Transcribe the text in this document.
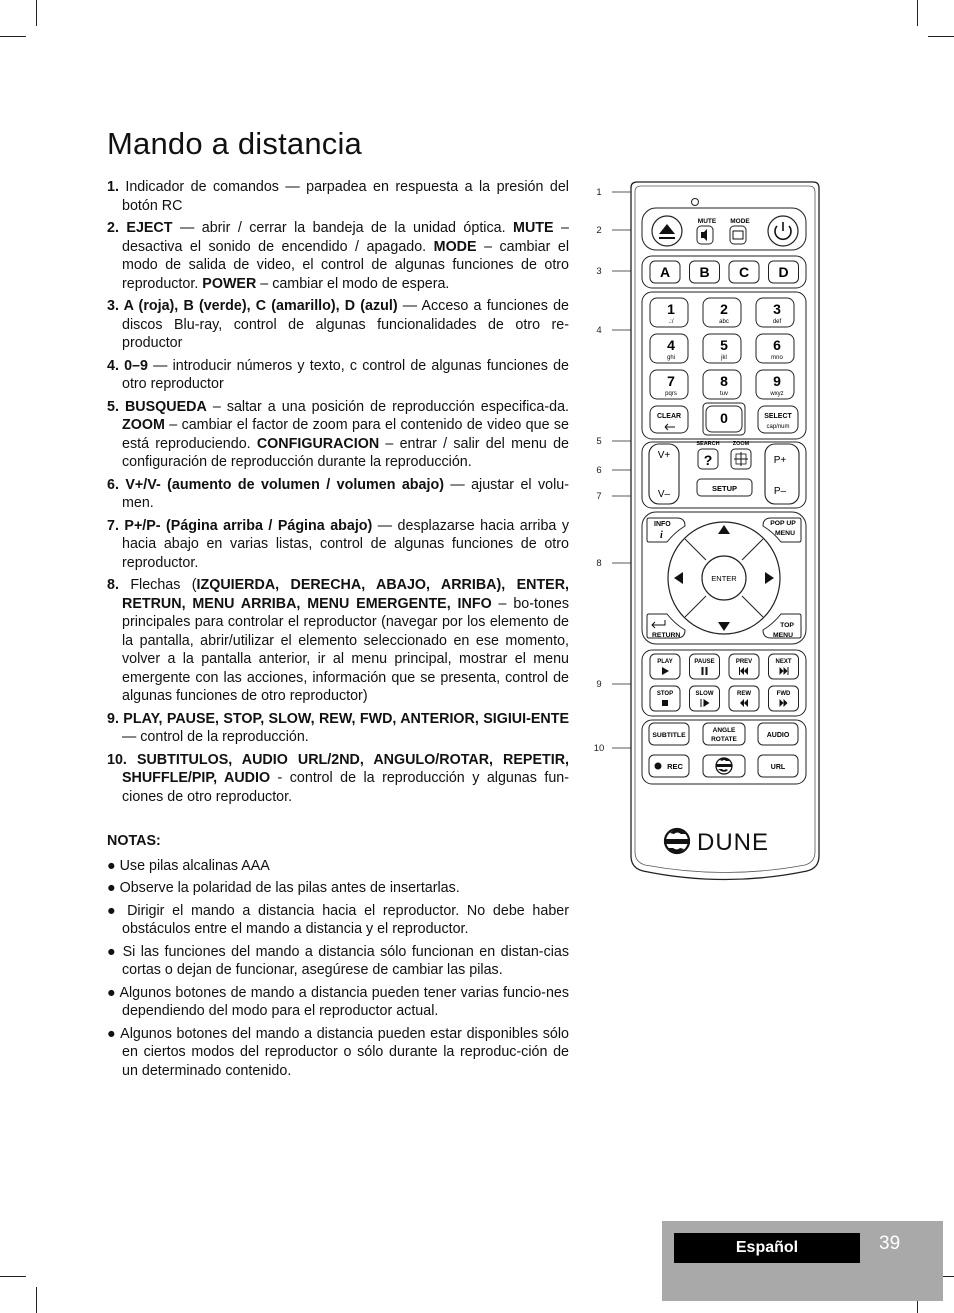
Mando a distancia
1. Indicador de comandos — parpadea en respuesta a la presión del botón RC
2. EJECT — abrir / cerrar la bandeja de la unidad óptica. MUTE – desactiva el sonido de encendido / apagado. MODE – cambiar el modo de salida de video, el control de algunas funciones de otro reproductor. POWER – cambiar el modo de espera.
3. A (roja), B (verde), C (amarillo), D (azul) — Acceso a funciones de discos Blu-ray, control de algunas funcionalidades de otro re-productor
4. 0–9 — introducir números y texto, c control de algunas funciones de otro reproductor
5. BUSQUEDA – saltar a una posición de reproducción especifica-da. ZOOM – cambiar el factor de zoom para el contenido de video que se está reproduciendo. CONFIGURACION – entrar / salir del menu de configuración de reproducción durante la reproducción.
6. V+/V- (aumento de volumen / volumen abajo) — ajustar el volu-men.
7. P+/P- (Página arriba / Página abajo) — desplazarse hacia arriba y hacia abajo en varias listas, control de algunas funciones de otro reproductor.
8. Flechas (IZQUIERDA, DERECHA, ABAJO, ARRIBA), ENTER, RETRUN, MENU ARRIBA, MENU EMERGENTE, INFO – bo-tones principales para controlar el reproductor (navegar por los elemento de la pantalla, abrir/utilizar el elemento seleccionado en ese momento, volver a la pantalla anterior, ir al menu principal, mostrar el menu emergente con las acciones, información que se presenta, control de algunas funciones de otro reproductor)
9. PLAY, PAUSE, STOP, SLOW, REW, FWD, ANTERIOR, SIGIUI-ENTE — control de la reproducción.
10. SUBTITULOS, AUDIO URL/2ND, ANGULO/ROTAR, REPETIR, SHUFFLE/PIP, AUDIO - control de la reproducción y algunas fun-ciones de otro reproductor.
NOTAS:
● Use pilas alcalinas AAA
● Observe la polaridad de las pilas antes de insertarlas.
● Dirigir el mando a distancia hacia el reproductor. No debe haber obstáculos entre el mando a distancia y el reproductor.
● Si las funciones del mando a distancia sólo funcionan en distan-cias cortas o dejan de funcionar, asegúrese de cambiar las pilas.
● Algunos botones de mando a distancia pueden tener varias funcio-nes dependiendo del modo para el reproductor actual.
● Algunos botones del mando a distancia pueden estar disponibles sólo en ciertos modos del reproductor o sólo durante la reproduc-ción de un determinado contenido.
1
2
3
4
5
6
7
8
9
10
MUTE MODE
A B C D
1
.:/
2
abc
3
def
4
ghi
5
jkl
6
mno
7
pqrs
8
tuv
9
wxyz
CLEAR	0	SELECT
cap/num
V+
V–
P+
P–
SEARCH ZOOM
?
SETUP
INFO
i
POP UP
MENU
ENTER
RETURN
TOP
MENU
PLAY	PAUSE	PREV	NEXT
STOP	SLOW	REW	FWD
SUBTITLE
ANGLE
ROTATE
AUDIO
REC	URL
DUNE
Español	39
